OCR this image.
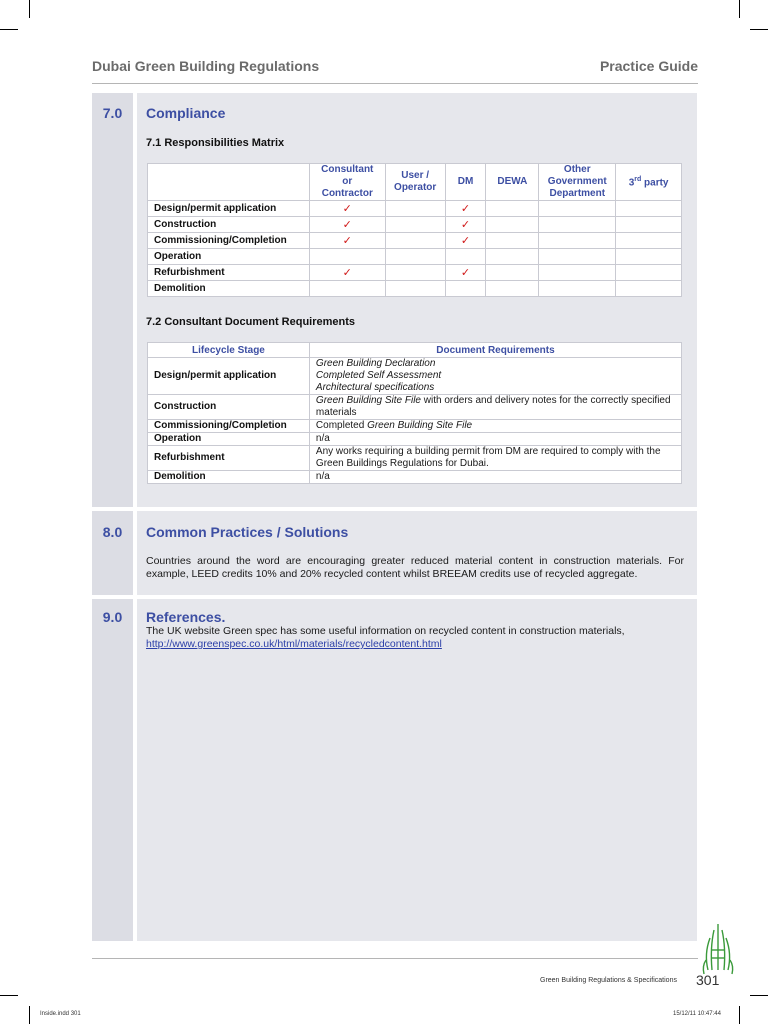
Dubai Green Building Regulations	Practice Guide
7.0	Compliance
7.1 Responsibilities Matrix
	Consultant
or
Contractor	User /
Operator	DM	DEWA	Other
Government
Department	3rd party
Design/permit application	✓		✓			
Construction	✓		✓			
Commissioning/Completion	✓		✓			
Operation						
Refurbishment	✓		✓			
Demolition						
7.2 Consultant Document Requirements
Lifecycle Stage	Document Requirements
Design/permit application	Green Building Declaration
Completed Self Assessment
Architectural specifications
Construction	Green Building Site File with orders and delivery notes for the correctly specified materials
Commissioning/Completion	Completed Green Building Site File
Operation	n/a
Refurbishment	Any works requiring a building permit from DM are required to comply with the Green Buildings Regulations for Dubai.
Demolition	n/a
8.0	Common Practices / Solutions
Countries around the word are encouraging greater reduced material content in construction materials. For example, LEED credits 10% and 20% recycled content whilst BREEAM credits use of recycled aggregate.
9.0	References.
The UK website Green spec has some useful information on recycled content in construction materials,
http://www.greenspec.co.uk/html/materials/recycledcontent.html
Green Building Regulations & Specifications 301
Inside.indd 301	15/12/11 10:47:44
